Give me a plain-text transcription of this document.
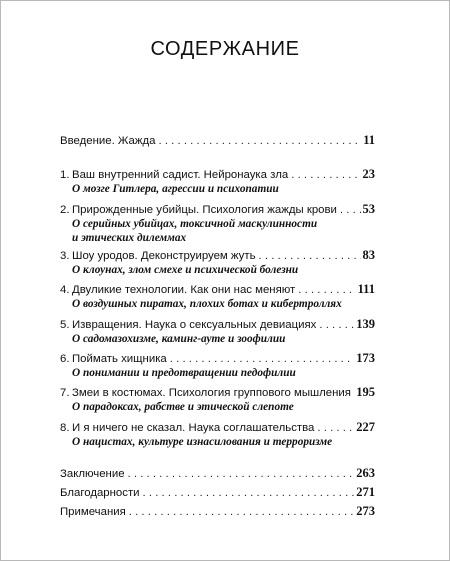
СОДЕРЖАНИЕ
Введение. Жажда . . .	11
1. Ваш внутренний садист. Нейронаука зла . . .	23
О мозге Гитлера, агрессии и психопатии
2. Прирожденные убийцы. Психология жажды крови . . . 53
О серийных убийцах, токсичной маскулинности
и этических дилеммах
3. Шоу уродов. Деконструируем жуть . . .	83
О клоунах, злом смехе и психической болезни
4. Двуликие технологии. Как они нас меняют . . .	111
О воздушных пиратах, плохих ботах и кибертроллях
5. Извращения. Наука о сексуальных девиациях . . .	139
О садомазохизме, каминг-ауте и зоофилии
6. Поймать хищника . . .	173
О понимании и предотвращении педофилии
7. Змеи в костюмах. Психология группового мышления . . . 195
О парадоксах, рабстве и этической слепоте
8. И я ничего не сказал. Наука соглашательства . . .	227
О нацистах, культуре изнасилования и терроризме
Заключение . . .	263
Благодарности . . .	271
Примечания . . .	273
